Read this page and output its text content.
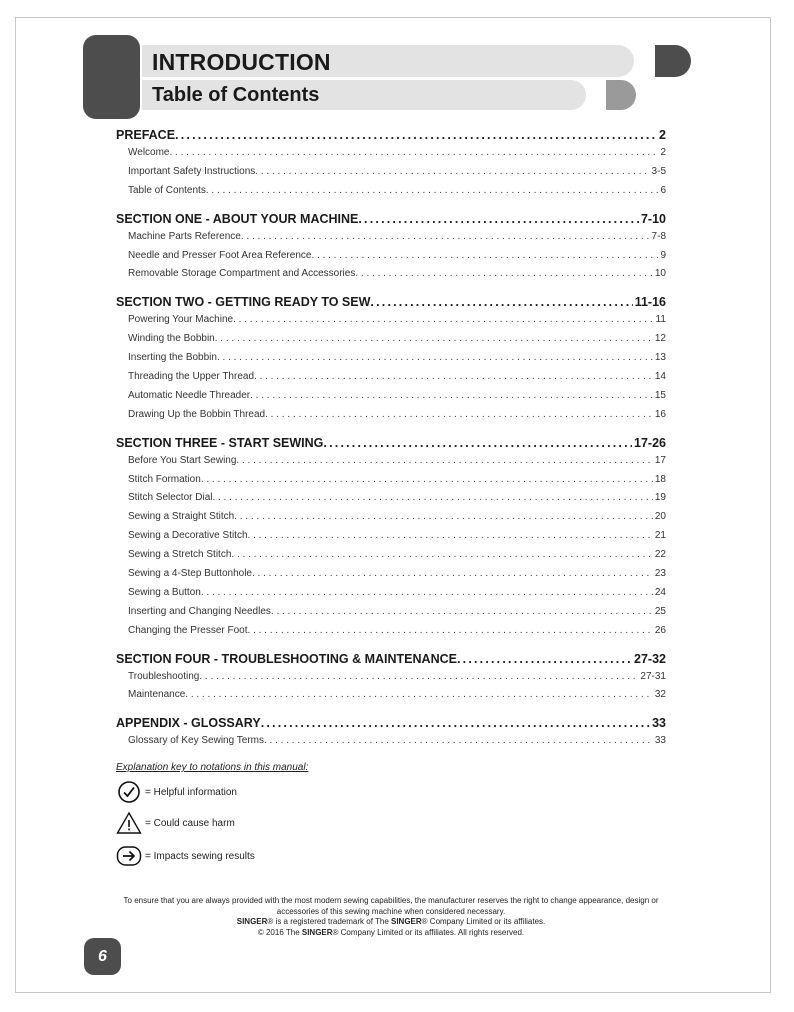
INTRODUCTION
Table of Contents
PREFACE .....	2
Welcome . . .	2
Important Safety Instructions . . .	3-5
Table of Contents . . .	6
SECTION ONE - ABOUT YOUR MACHINE .....	7-10
Machine Parts Reference . . .	7-8
Needle and Presser Foot Area Reference . . .	9
Removable Storage Compartment and Accessories . . .	10
SECTION TWO - GETTING READY TO SEW .....	11-16
Powering Your Machine . . .	11
Winding the Bobbin . . .	12
Inserting the Bobbin . . .	13
Threading the Upper Thread . . .	14
Automatic Needle Threader . . .	15
Drawing Up the Bobbin Thread . . .	16
SECTION THREE - START SEWING .....	17-26
Before You Start Sewing . . .	17
Stitch Formation . . .	18
Stitch Selector Dial . . .	19
Sewing a Straight Stitch . . .	20
Sewing a Decorative Stitch . . .	21
Sewing a Stretch Stitch . . .	22
Sewing a 4-Step Buttonhole . . .	23
Sewing a Button . . .	24
Inserting and Changing Needles . . .	25
Changing the Presser Foot . . .	26
SECTION FOUR - TROUBLESHOOTING & MAINTENANCE .....	27-32
Troubleshooting . . .	27-31
Maintenance . . .	32
APPENDIX - GLOSSARY .....	33
Glossary of Key Sewing Terms . . .	33
Explanation key to notations in this manual:
= Helpful information
= Could cause harm
= Impacts sewing results
To ensure that you are always provided with the most modern sewing capabilities, the manufacturer reserves the right to change appearance, design or accessories of this sewing machine when considered necessary.
SINGER® is a registered trademark of The SINGER® Company Limited or its affiliates.
© 2016 The SINGER® Company Limited or its affiliates. All rights reserved.
6
